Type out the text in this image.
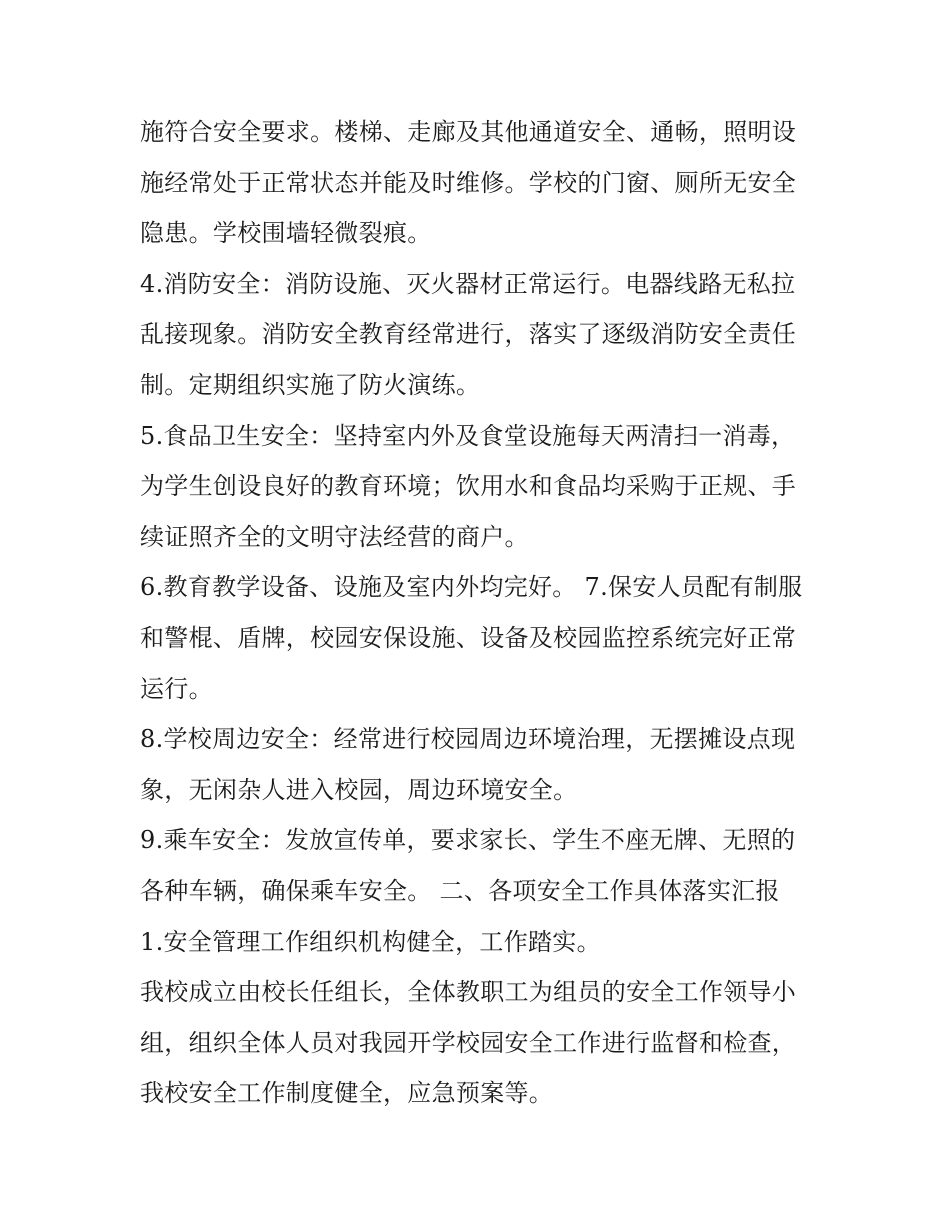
施符合安全要求。楼梯、走廊及其他通道安全、通畅，照明设
施经常处于正常状态并能及时维修。学校的门窗、厕所无安全
隐患。学校围墙轻微裂痕。
4.消防安全：消防设施、灭火器材正常运行。电器线路无私拉
乱接现象。消防安全教育经常进行，落实了逐级消防安全责任
制。定期组织实施了防火演练。
5.食品卫生安全：坚持室内外及食堂设施每天两清扫一消毒，
为学生创设良好的教育环境；饮用水和食品均采购于正规、手
续证照齐全的文明守法经营的商户。
6.教育教学设备、设施及室内外均完好。 7.保安人员配有制服
和警棍、盾牌，校园安保设施、设备及校园监控系统完好正常
运行。
8.学校周边安全：经常进行校园周边环境治理，无摆摊设点现
象，无闲杂人进入校园，周边环境安全。
9.乘车安全：发放宣传单，要求家长、学生不座无牌、无照的
各种车辆，确保乘车安全。 二、各项安全工作具体落实汇报
1.安全管理工作组织机构健全，工作踏实。
我校成立由校长任组长，全体教职工为组员的安全工作领导小
组，组织全体人员对我园开学校园安全工作进行监督和检查，
我校安全工作制度健全，应急预案等。
